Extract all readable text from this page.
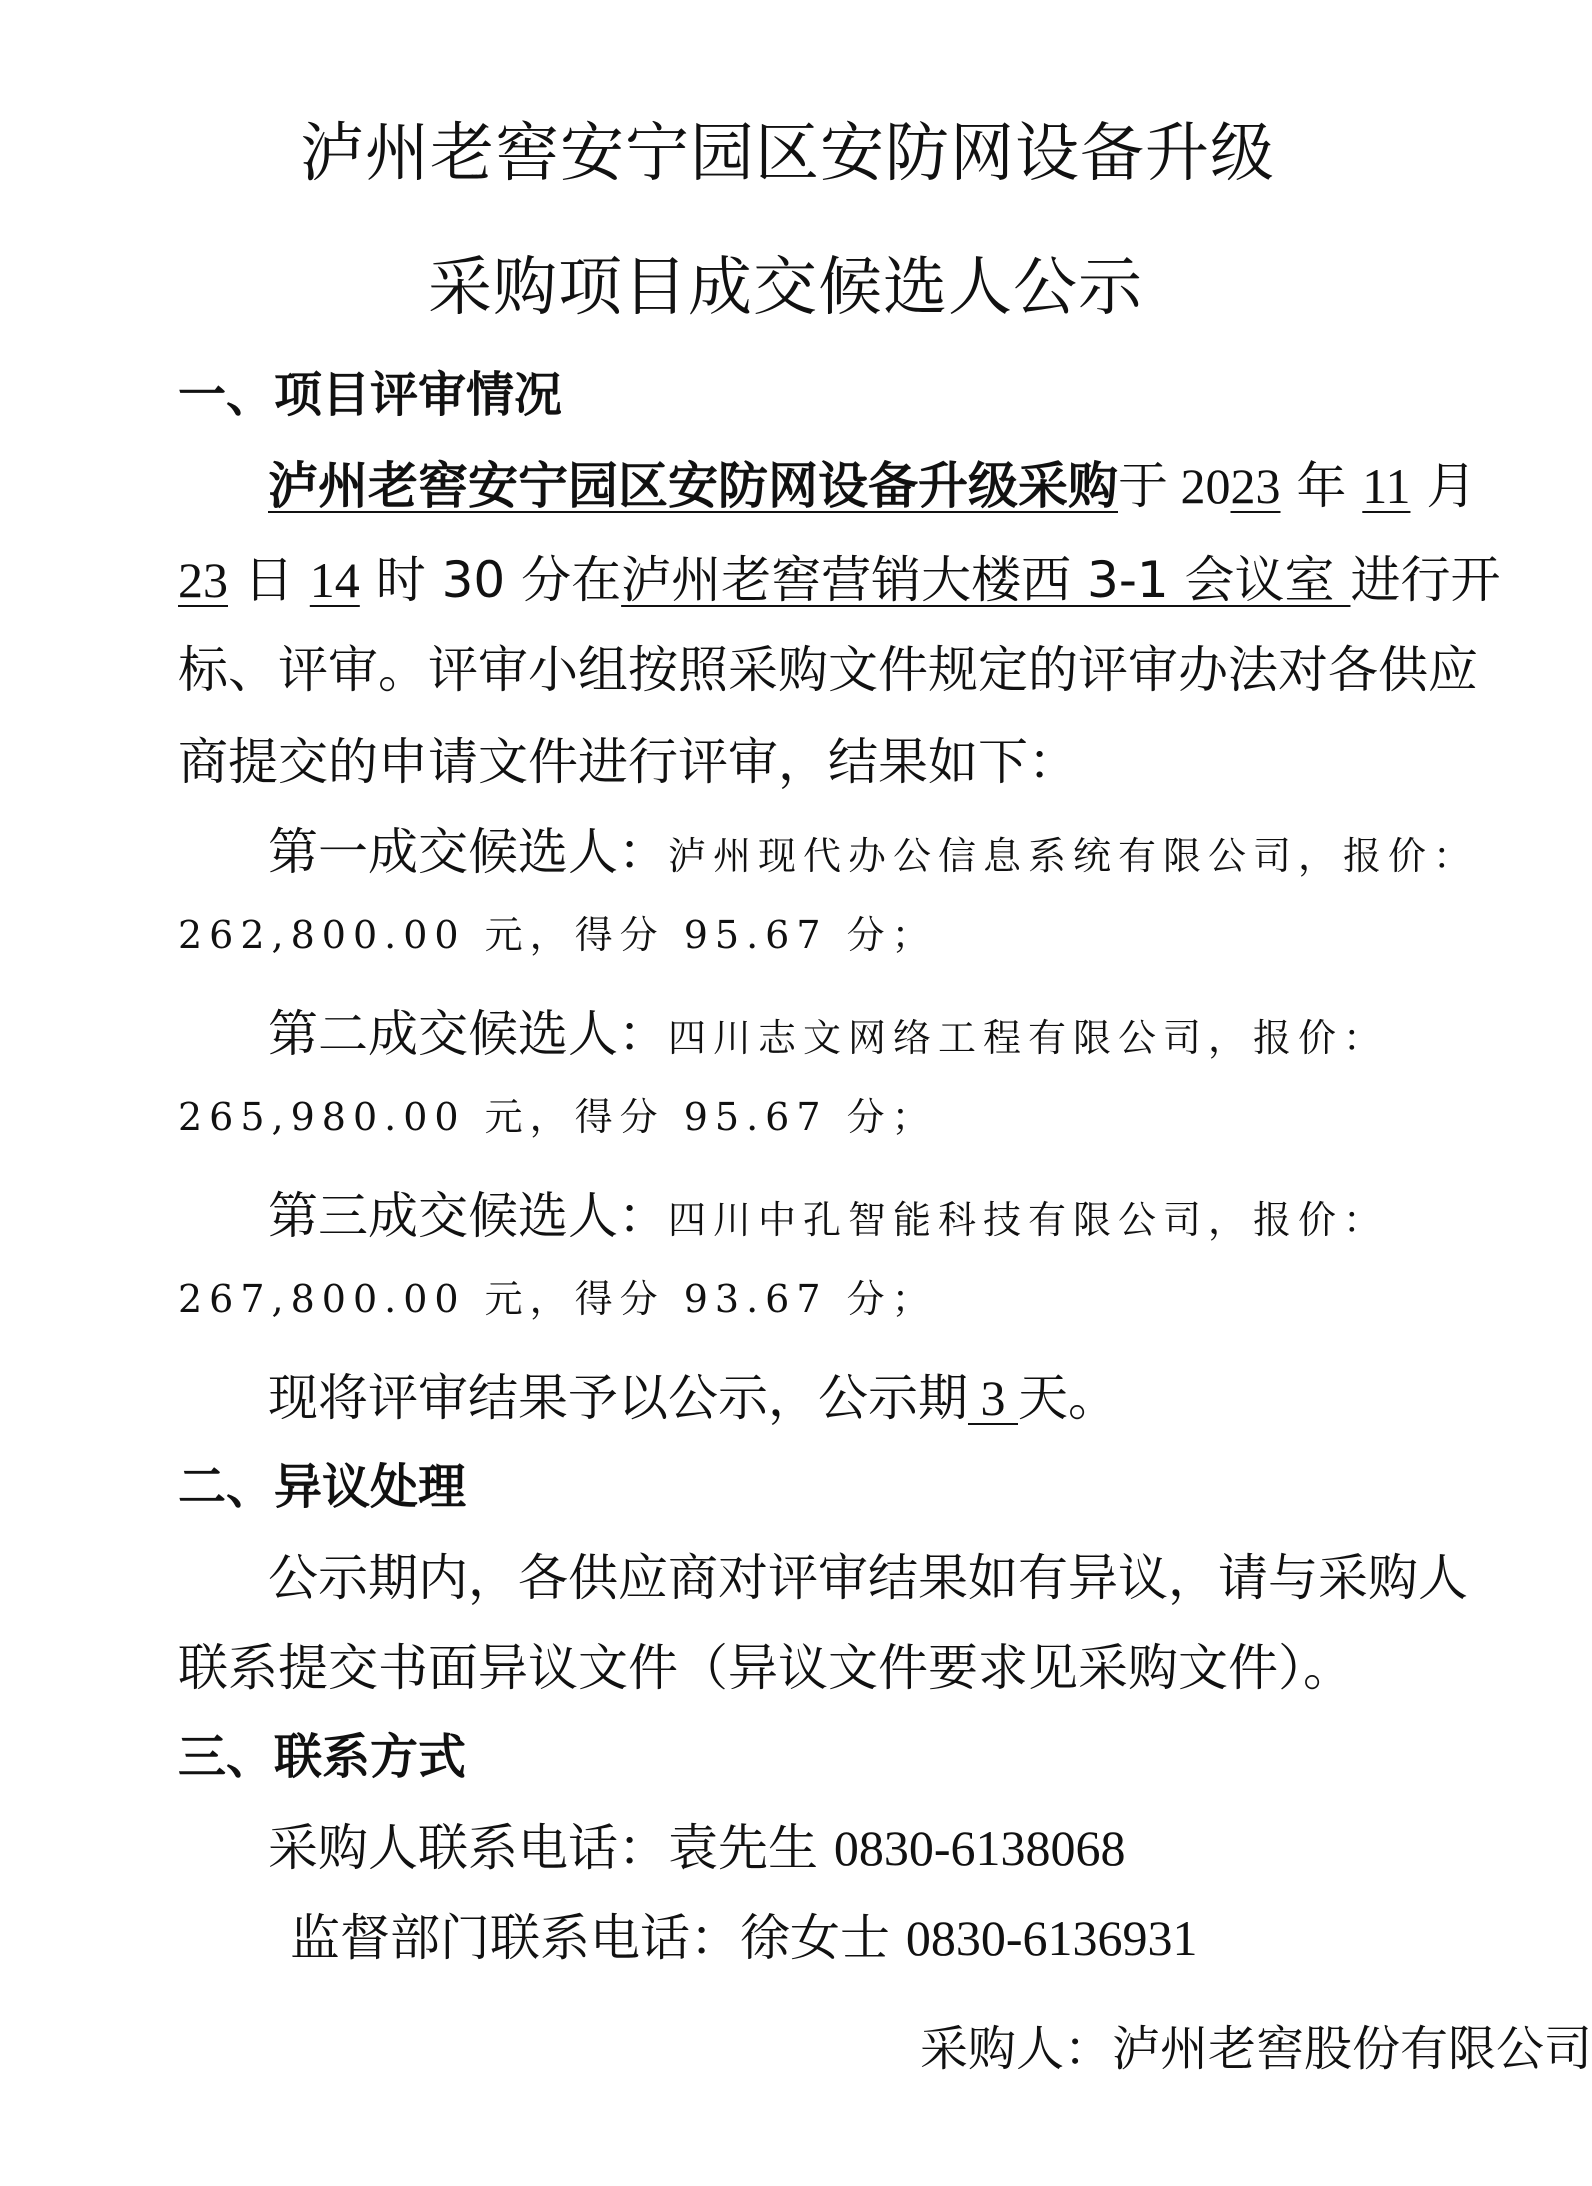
泸州老窖安宁园区安防网设备升级
采购项目成交候选人公示
一、项目评审情况
泸州老窖安宁园区安防网设备升级采购于 2023 年 11 月
23 日 14 时 30 分在泸州老窖营销大楼西 3-1 会议室 进行开
标、评审。评审小组按照采购文件规定的评审办法对各供应
商提交的申请文件进行评审，结果如下：
第一成交候选人：泸州现代办公信息系统有限公司，报价：
262,800.00 元，得分 95.67 分；
第二成交候选人：四川志文网络工程有限公司，报价：
265,980.00 元，得分 95.67 分；
第三成交候选人：四川中孔智能科技有限公司，报价：
267,800.00 元，得分 93.67 分；
现将评审结果予以公示，公示期 3 天。
二、异议处理
公示期内，各供应商对评审结果如有异议，请与采购人
联系提交书面异议文件（异议文件要求见采购文件）。
三、联系方式
采购人联系电话：袁先生 0830-6138068
监督部门联系电话：徐女士 0830-6136931
采购人：泸州老窖股份有限公司
